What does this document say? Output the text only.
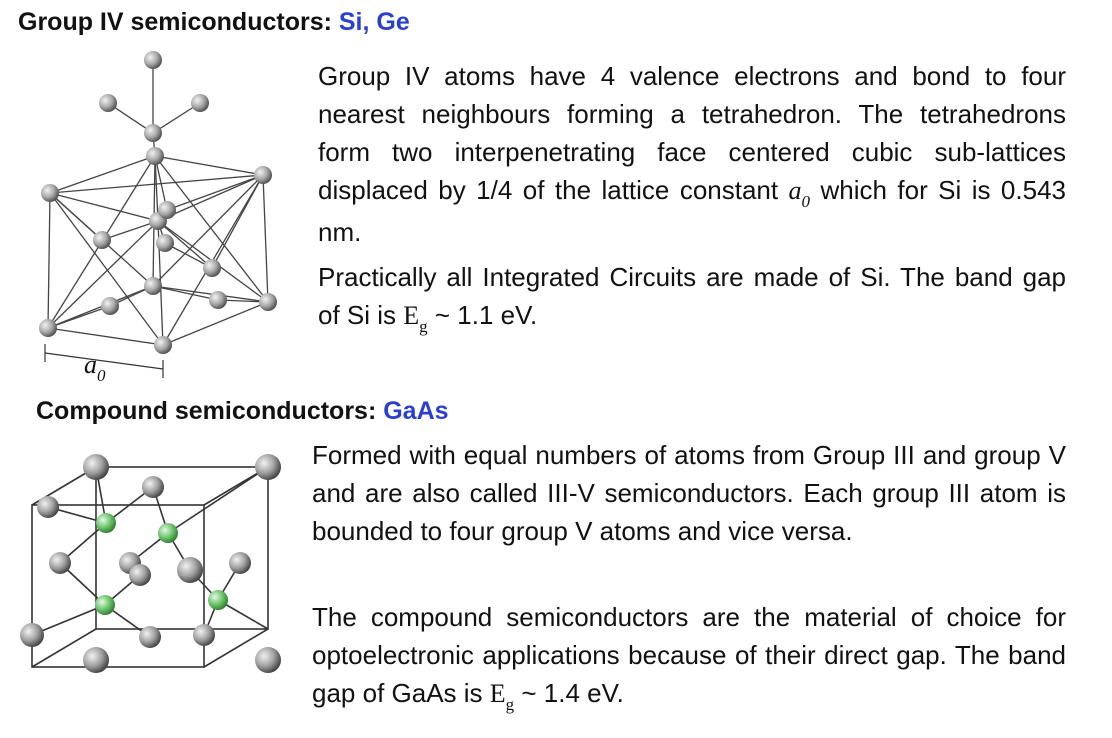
Group IV semiconductors: Si, Ge
$a_0$
Group IV atoms have 4 valence electrons and bond to four nearest neighbours forming a tetrahedron. The tetrahedrons form two interpenetrating face centered cubic sub-lattices displaced by 1/4 of the lattice constant $a_0$ which for Si is 0.543 nm.
Practically all Integrated Circuits are made of Si. The band gap of Si is $E_g$ ~ 1.1 eV.
Compound semiconductors: GaAs
Formed with equal numbers of atoms from Group III and group V and are also called III-V semiconductors. Each group III atom is bounded to four group V atoms and vice versa.
The compound semiconductors are the material of choice for optoelectronic applications because of their direct gap. The band gap of GaAs is $E_g$ ~ 1.4 eV.
